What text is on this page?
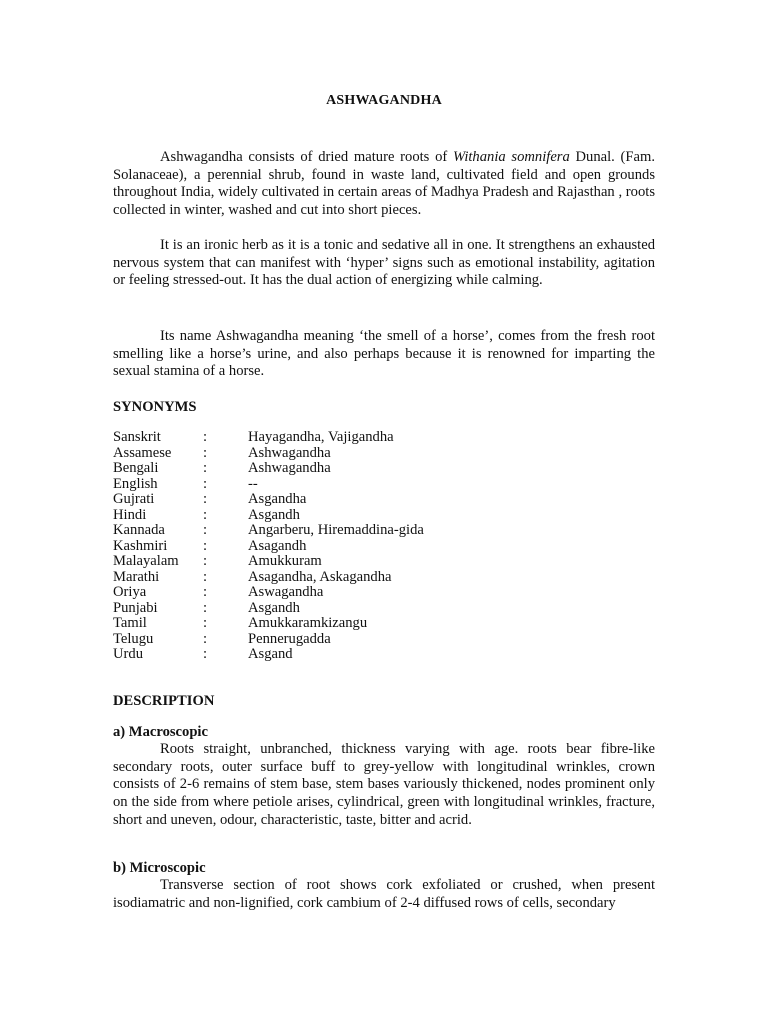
ASHWAGANDHA

Ashwagandha consists of dried mature roots of Withania somnifera Dunal. (Fam. Solanaceae), a perennial shrub, found in waste land, cultivated field and open grounds throughout India, widely cultivated in certain areas of Madhya Pradesh and Rajasthan , roots collected in winter, washed and cut into short pieces.

It is an ironic herb as it is a tonic and sedative all in one. It strengthens an exhausted nervous system that can manifest with ‘hyper’ signs such as emotional instability, agitation or feeling stressed-out. It has the dual action of energizing while calming.

Its name Ashwagandha meaning ‘the smell of a horse’, comes from the fresh root smelling like a horse’s urine, and also perhaps because it is renowned for imparting the sexual stamina of a horse.

SYNONYMS
Sanskrit	:	Hayagandha, Vajigandha
Assamese	:	Ashwagandha
Bengali	:	Ashwagandha
English	:	--
Gujrati	:	Asgandha
Hindi	:	Asgandh
Kannada	:	Angarberu, Hiremaddina-gida
Kashmiri	:	Asagandh
Malayalam	:	Amukkuram
Marathi	:	Asagandha, Askagandha
Oriya	:	Aswagandha
Punjabi	:	Asgandh
Tamil	:	Amukkaramkizangu
Telugu	:	Pennerugadda
Urdu	:	Asgand
DESCRIPTION
a) Macroscopic

Roots straight, unbranched, thickness varying with age. roots bear fibre-like secondary roots, outer surface buff to grey-yellow with longitudinal wrinkles, crown consists of 2-6 remains of stem base, stem bases variously thickened, nodes prominent only on the side from where petiole arises, cylindrical, green with longitudinal wrinkles, fracture, short and uneven, odour, characteristic, taste, bitter and acrid.

b) Microscopic

Transverse section of root shows cork exfoliated or crushed, when present isodiamatric and non-lignified, cork cambium of 2-4 diffused rows of cells, secondary
